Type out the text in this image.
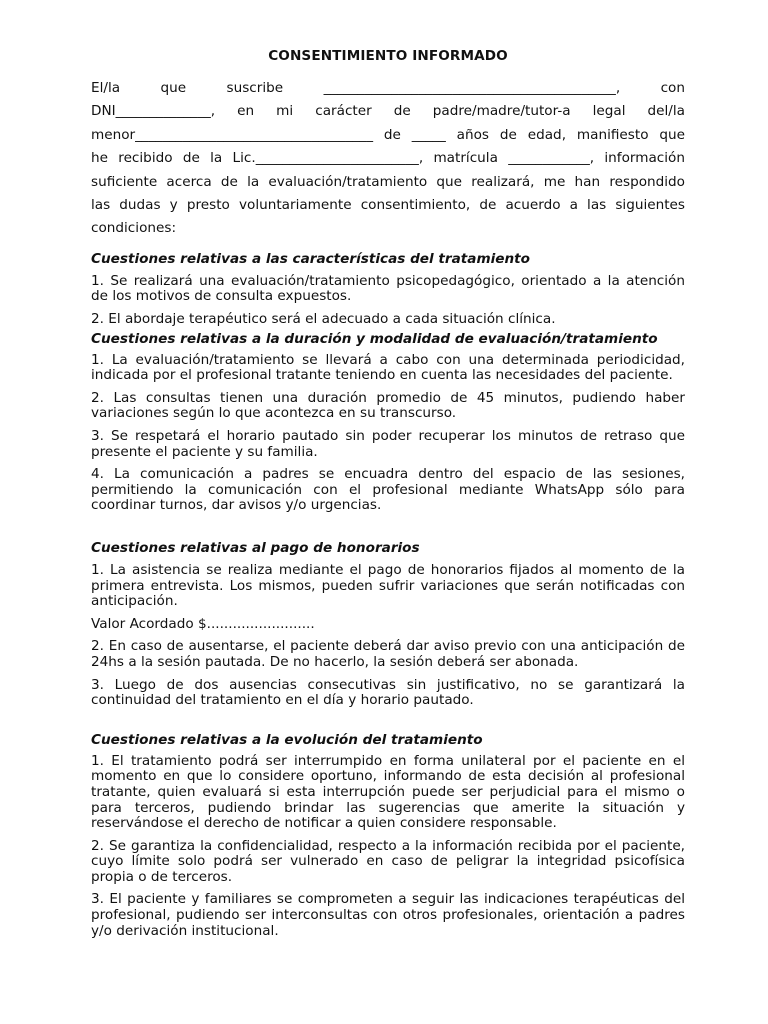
CONSENTIMIENTO INFORMADO

El/la que suscribe ___________________________________________, con

DNI______________, en mi carácter de padre/madre/tutor-a legal del/la

menor___________________________________ de _____ años de edad, manifiesto que

he recibido de la Lic.________________________, matrícula ____________, información

suficiente acerca de la evaluación/tratamiento que realizará, me han respondido

las dudas y presto voluntariamente consentimiento, de acuerdo a las siguientes

condiciones:

Cuestiones relativas a las características del tratamiento

1. Se realizará una evaluación/tratamiento psicopedagógico, orientado a la atención de los motivos de consulta expuestos.

2. El abordaje terapéutico será el adecuado a cada situación clínica.

Cuestiones relativas a la duración y modalidad de evaluación/tratamiento

1. La evaluación/tratamiento se llevará a cabo con una determinada periodicidad, indicada por el profesional tratante teniendo en cuenta las necesidades del paciente.

2. Las consultas tienen una duración promedio de 45 minutos, pudiendo haber variaciones según lo que acontezca en su transcurso.

3. Se respetará el horario pautado sin poder recuperar los minutos de retraso que presente el paciente y su familia.

4. La comunicación a padres se encuadra dentro del espacio de las sesiones, permitiendo la comunicación con el profesional mediante WhatsApp sólo para coordinar turnos, dar avisos y/o urgencias.

Cuestiones relativas al pago de honorarios

1. La asistencia se realiza mediante el pago de honorarios fijados al momento de la primera entrevista. Los mismos, pueden sufrir variaciones que serán notificadas con anticipación.

Valor Acordado $.........................

2. En caso de ausentarse, el paciente deberá dar aviso previo con una anticipación de 24hs a la sesión pautada. De no hacerlo, la sesión deberá ser abonada.

3. Luego de dos ausencias consecutivas sin justificativo, no se garantizará la continuidad del tratamiento en el día y horario pautado.

Cuestiones relativas a la evolución del tratamiento

1. El tratamiento podrá ser interrumpido en forma unilateral por el paciente en el momento en que lo considere oportuno, informando de esta decisión al profesional tratante, quien evaluará si esta interrupción puede ser perjudicial para el mismo o para terceros, pudiendo brindar las sugerencias que amerite la situación y reservándose el derecho de notificar a quien considere responsable.

2. Se garantiza la confidencialidad, respecto a la información recibida por el paciente, cuyo límite solo podrá ser vulnerado en caso de peligrar la integridad psicofísica propia o de terceros.

3. El paciente y familiares se comprometen a seguir las indicaciones terapéuticas del profesional, pudiendo ser interconsultas con otros profesionales, orientación a padres y/o derivación institucional.
